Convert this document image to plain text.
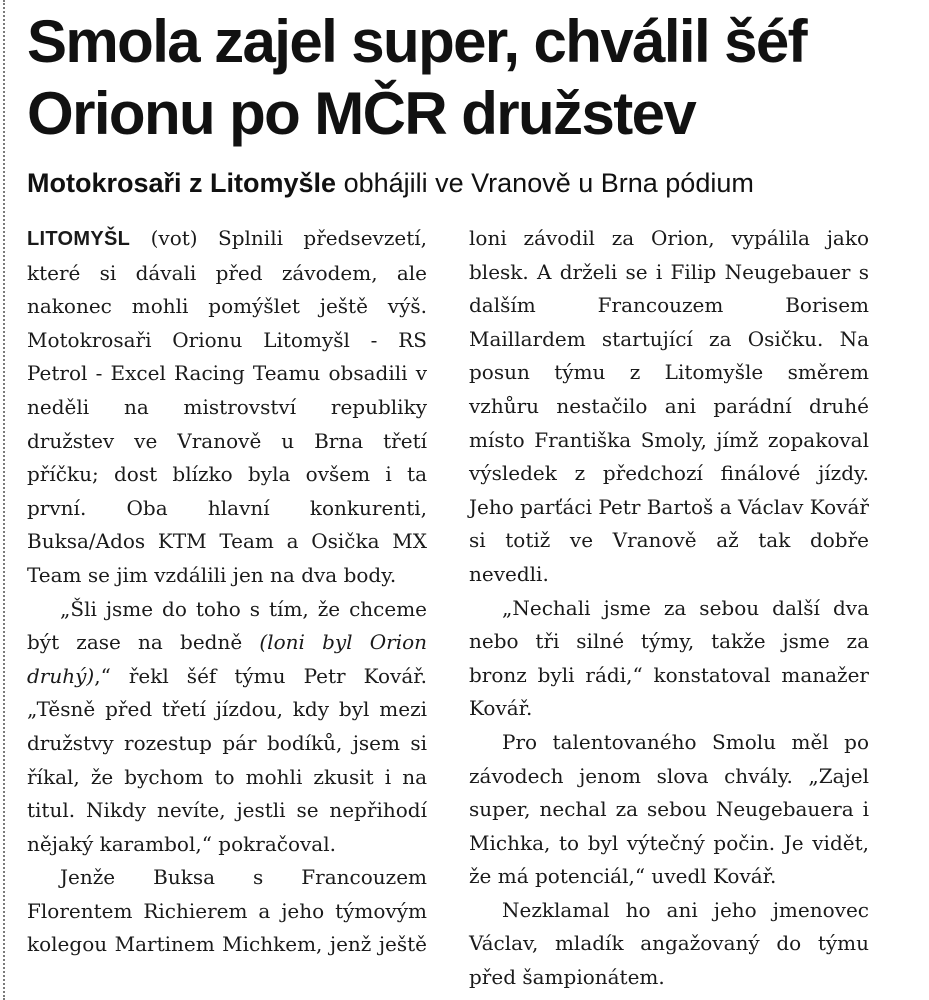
Smola zajel super, chválil šéf Orionu po MČR družstev

Motokrosaři z Litomyšle obhájili ve Vranově u Brna pódium

LITOMYŠL (vot) Splnili předsevzetí, které si dávali před závodem, ale nakonec mohli pomýšlet ještě výš. Motokrosaři Orionu Litomyšl - RS Petrol - Excel Racing Teamu obsadili v neděli na mistrovství republiky družstev ve Vranově u Brna třetí příčku; dost blízko byla ovšem i ta první. Oba hlavní konkurenti, Buksa/Ados KTM Team a Osička MX Team se jim vzdálili jen na dva body.

„Šli jsme do toho s tím, že chceme být zase na bedně (loni byl Orion druhý),“ řekl šéf týmu Petr Kovář. „Těsně před třetí jízdou, kdy byl mezi družstvy rozestup pár bodíků, jsem si říkal, že bychom to mohli zkusit i na titul. Nikdy nevíte, jestli se nepřihodí nějaký karambol,“ pokračoval.

Jenže Buksa s Francouzem Florentem Richierem a jeho týmovým kolegou Martinem Michkem, jenž ještě

loni závodil za Orion, vypálila jako blesk. A drželi se i Filip Neugebauer s dalším Francouzem Borisem Maillardem startující za Osičku. Na posun týmu z Litomyšle směrem vzhůru nestačilo ani parádní druhé místo Františka Smoly, jímž zopakoval výsledek z předchozí finálové jízdy. Jeho parťáci Petr Bartoš a Václav Kovář si totiž ve Vranově až tak dobře nevedli.

„Nechali jsme za sebou další dva nebo tři silné týmy, takže jsme za bronz byli rádi,“ konstatoval manažer Kovář.

Pro talentovaného Smolu měl po závodech jenom slova chvály. „Zajel super, nechal za sebou Neugebauera i Michka, to byl výtečný počin. Je vidět, že má potenciál,“ uvedl Kovář.

Nezklamal ho ani jeho jmenovec Václav, mladík angažovaný do týmu před šampionátem.
